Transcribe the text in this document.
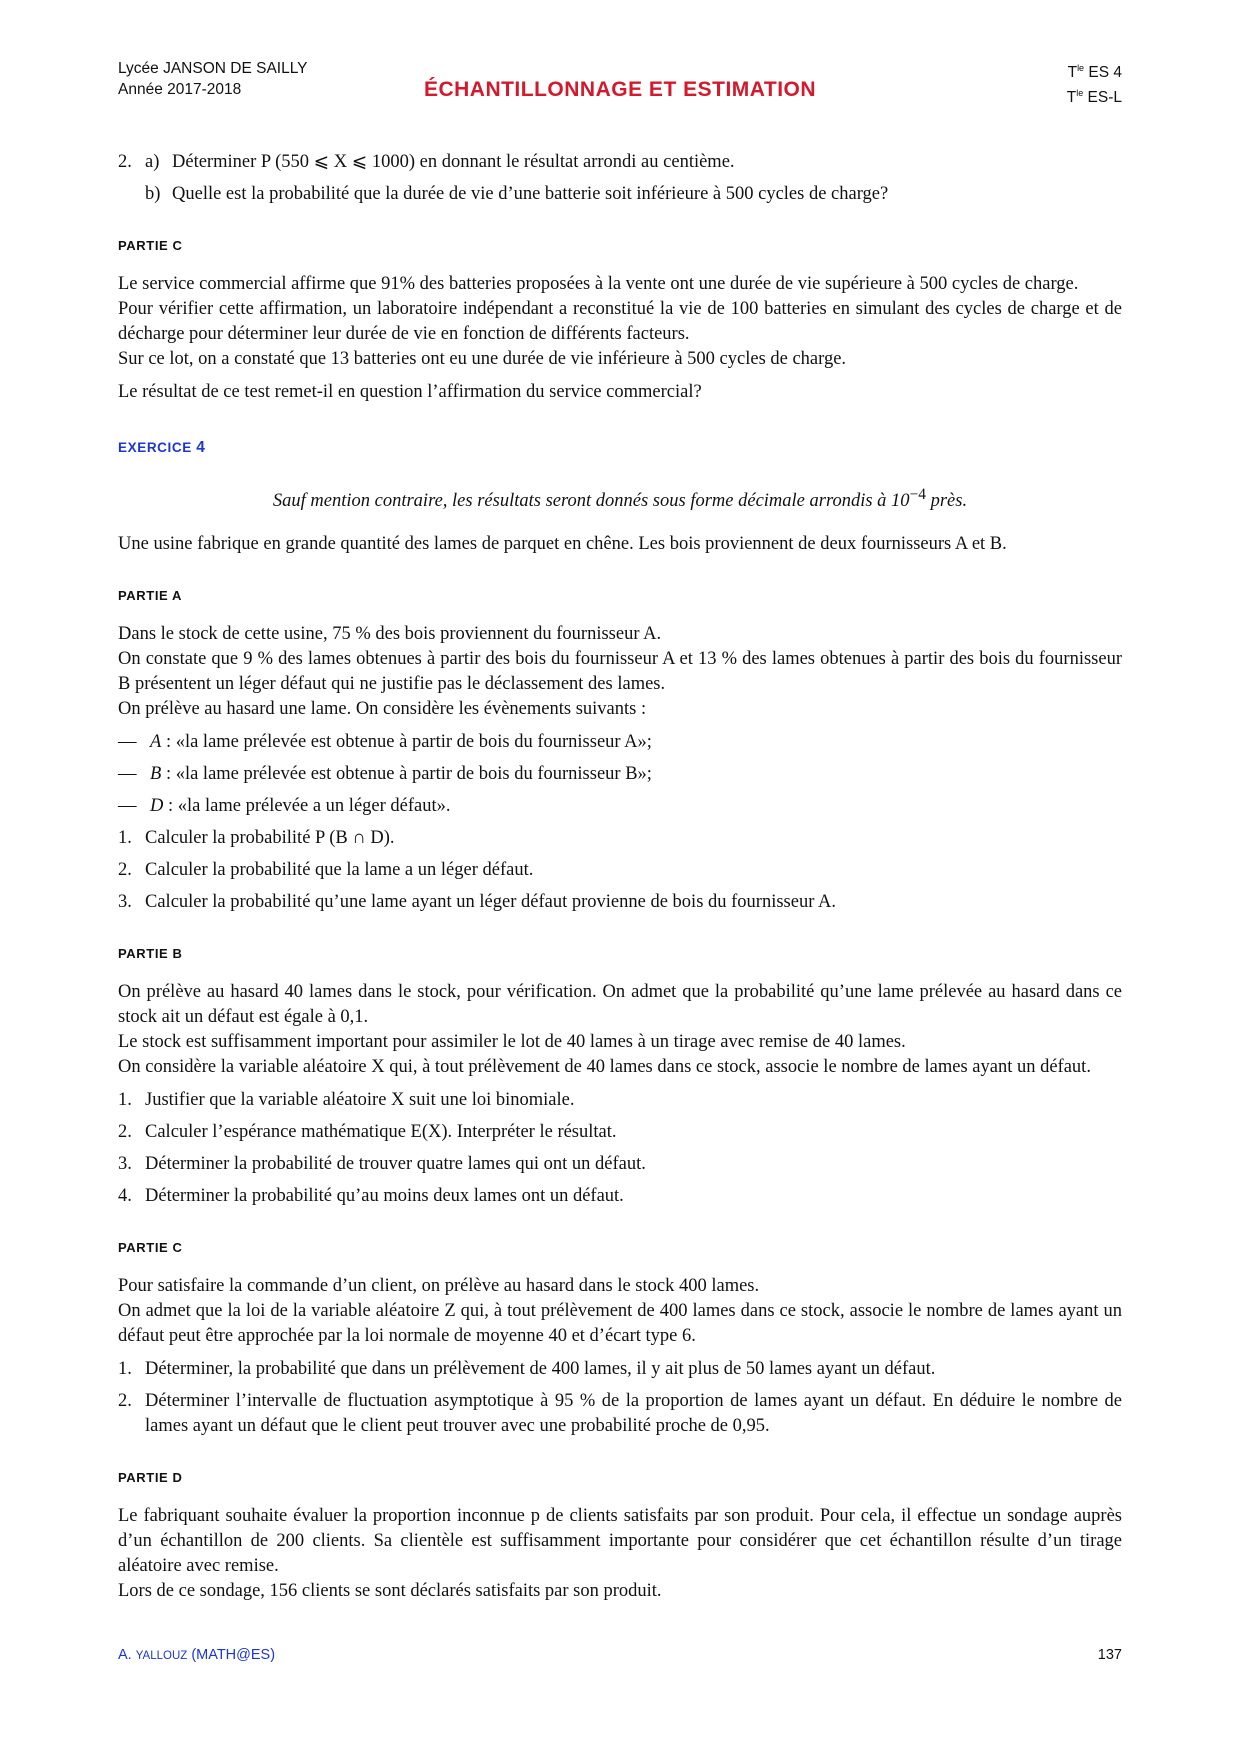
Lycée JANSON DE SAILLY
Année 2017-2018	ÉCHANTILLONNAGE ET ESTIMATION
$T^{le}$ ES 4
$T^{le}$ ES-L
2. a) Déterminer P (550 ⩽ X ⩽ 1000) en donnant le résultat arrondi au centième.
b) Quelle est la probabilité que la durée de vie d’une batterie soit inférieure à 500 cycles de charge?
PARTIE C

Le service commercial affirme que 91% des batteries proposées à la vente ont une durée de vie supérieure à 500 cycles de charge.

Pour vérifier cette affirmation, un laboratoire indépendant a reconstitué la vie de 100 batteries en simulant des cycles de charge et de décharge pour déterminer leur durée de vie en fonction de différents facteurs.

Sur ce lot, on a constaté que 13 batteries ont eu une durée de vie inférieure à 500 cycles de charge.

Le résultat de ce test remet-il en question l’affirmation du service commercial?

EXERCICE 4

Sauf mention contraire, les résultats seront donnés sous forme décimale arrondis à $10^{-4}$ près.

Une usine fabrique en grande quantité des lames de parquet en chêne. Les bois proviennent de deux fournisseurs A et B.

PARTIE A

Dans le stock de cette usine, 75 % des bois proviennent du fournisseur A.

On constate que 9 % des lames obtenues à partir des bois du fournisseur A et 13 % des lames obtenues à partir des bois du fournisseur B présentent un léger défaut qui ne justifie pas le déclassement des lames.

On prélève au hasard une lame. On considère les évènements suivants :

— A : «la lame prélevée est obtenue à partir de bois du fournisseur A»;
— B : «la lame prélevée est obtenue à partir de bois du fournisseur B»;
— D : «la lame prélevée a un léger défaut».
1. Calculer la probabilité P (B ∩ D).
2. Calculer la probabilité que la lame a un léger défaut.
3. Calculer la probabilité qu’une lame ayant un léger défaut provienne de bois du fournisseur A.
PARTIE B

On prélève au hasard 40 lames dans le stock, pour vérification. On admet que la probabilité qu’une lame prélevée au hasard dans ce stock ait un défaut est égale à 0,1.

Le stock est suffisamment important pour assimiler le lot de 40 lames à un tirage avec remise de 40 lames.

On considère la variable aléatoire X qui, à tout prélèvement de 40 lames dans ce stock, associe le nombre de lames ayant un défaut.

1. Justifier que la variable aléatoire X suit une loi binomiale.
2. Calculer l’espérance mathématique E(X). Interpréter le résultat.
3. Déterminer la probabilité de trouver quatre lames qui ont un défaut.
4. Déterminer la probabilité qu’au moins deux lames ont un défaut.
PARTIE C

Pour satisfaire la commande d’un client, on prélève au hasard dans le stock 400 lames.

On admet que la loi de la variable aléatoire Z qui, à tout prélèvement de 400 lames dans ce stock, associe le nombre de lames ayant un défaut peut être approchée par la loi normale de moyenne 40 et d’écart type 6.

1. Déterminer, la probabilité que dans un prélèvement de 400 lames, il y ait plus de 50 lames ayant un défaut.
2. Déterminer l’intervalle de fluctuation asymptotique à 95 % de la proportion de lames ayant un défaut. En déduire le nombre de lames ayant un défaut que le client peut trouver avec une probabilité proche de 0,95.
PARTIE D

Le fabriquant souhaite évaluer la proportion inconnue p de clients satisfaits par son produit. Pour cela, il effectue un sondage auprès d’un échantillon de 200 clients. Sa clientèle est suffisamment importante pour considérer que cet échantillon résulte d’un tirage aléatoire avec remise.

Lors de ce sondage, 156 clients se sont déclarés satisfaits par son produit.

A. YALLOUZ (MATH@ES)	137
